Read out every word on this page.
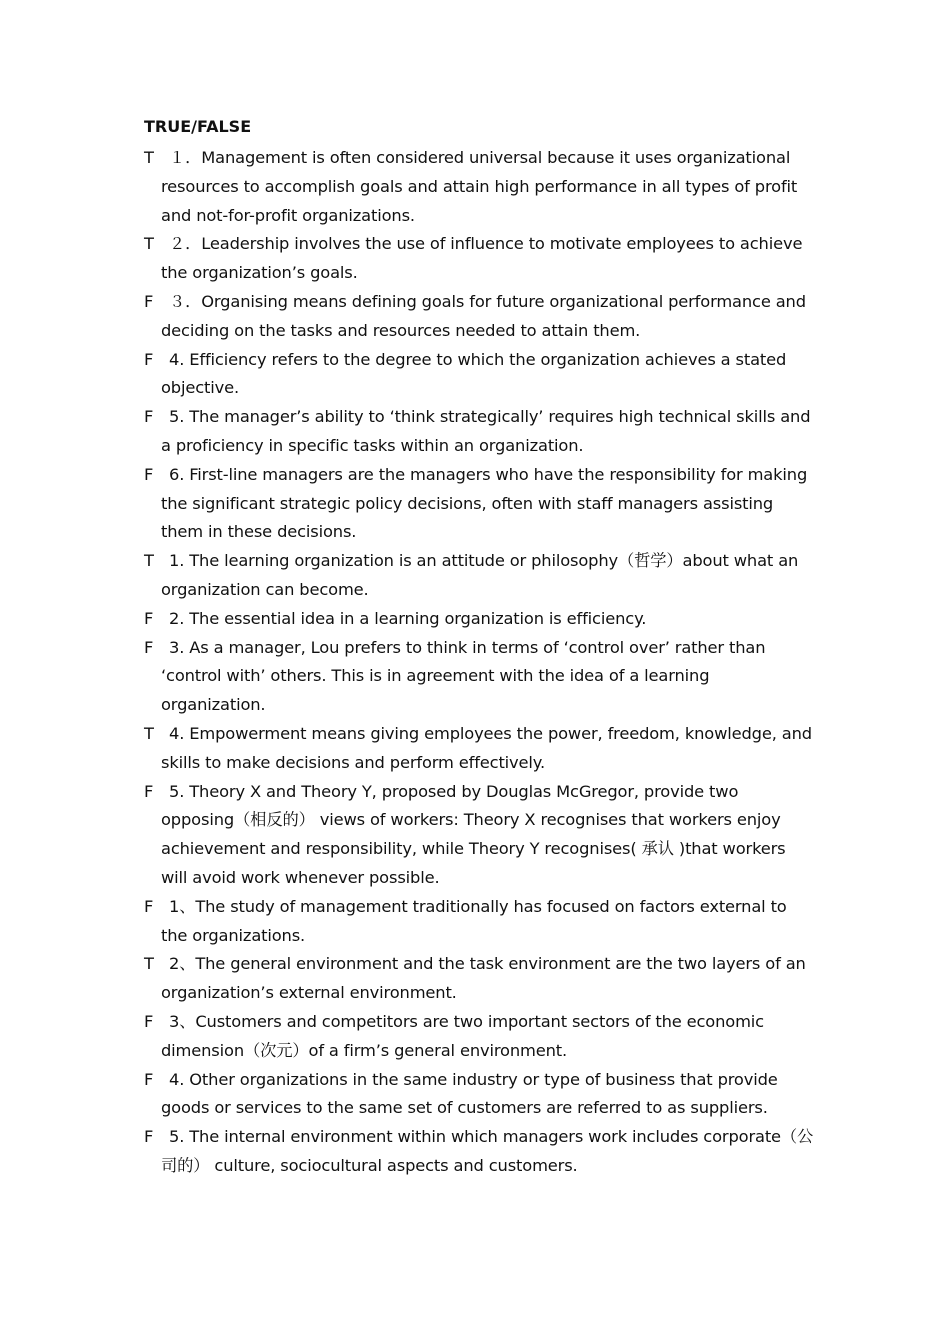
TRUE/FALSE
T １．Management is often considered universal because it uses organizational resources to accomplish goals and attain high performance in all types of profit and not-for-profit organizations.
T ２．Leadership involves the use of influence to motivate employees to achieve the organization’s goals.
F ３．Organising means defining goals for future organizational performance and deciding on the tasks and resources needed to attain them.
F 4. Efficiency refers to the degree to which the organization achieves a stated objective.
F 5. The manager’s ability to ‘think strategically’ requires high technical skills and a proficiency in specific tasks within an organization.
F 6. First-line managers are the managers who have the responsibility for making the significant strategic policy decisions, often with staff managers assisting them in these decisions.
T 1. The learning organization is an attitude or philosophy（哲学）about what an organization can become.
F 2. The essential idea in a learning organization is efficiency.
F 3. As a manager, Lou prefers to think in terms of ‘control over’ rather than ‘control with’ others. This is in agreement with the idea of a learning organization.
T 4. Empowerment means giving employees the power, freedom, knowledge, and skills to make decisions and perform effectively.
F 5. Theory X and Theory Y, proposed by Douglas McGregor, provide two opposing（相反的） views of workers: Theory X recognises that workers enjoy achievement and responsibility, while Theory Y recognises( 承认 )that workers will avoid work whenever possible.
F 1、The study of management traditionally has focused on factors external to the organizations.
T 2、The general environment and the task environment are the two layers of an organization’s external environment.
F 3、Customers and competitors are two important sectors of the economic dimension（次元）of a firm’s general environment.
F 4. Other organizations in the same industry or type of business that provide goods or services to the same set of customers are referred to as suppliers.
F 5. The internal environment within which managers work includes corporate（公司的） culture, sociocultural aspects and customers.
